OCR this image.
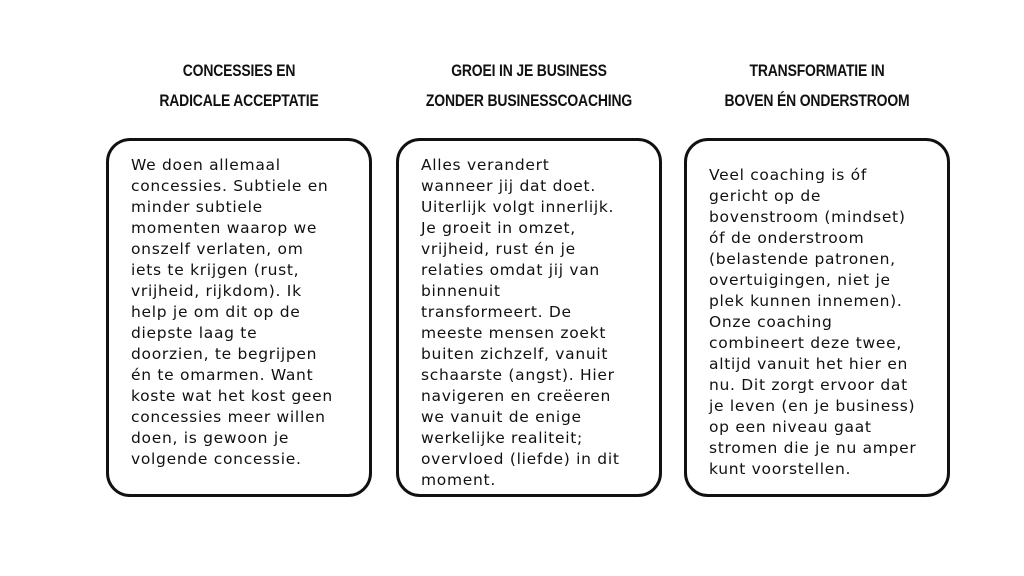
CONCESSIES EN
RADICALE ACCEPTATIE
We doen allemaal
concessies. Subtiele en
minder subtiele
momenten waarop we
onszelf verlaten, om
iets te krijgen (rust,
vrijheid, rijkdom). Ik
help je om dit op de
diepste laag te
doorzien, te begrijpen
én te omarmen. Want
koste wat het kost geen
concessies meer willen
doen, is gewoon je
volgende concessie.
GROEI IN JE BUSINESS
ZONDER BUSINESSCOACHING
Alles verandert
wanneer jij dat doet.
Uiterlijk volgt innerlijk.
Je groeit in omzet,
vrijheid, rust én je
relaties omdat jij van
binnenuit
transformeert. De
meeste mensen zoekt
buiten zichzelf, vanuit
schaarste (angst). Hier
navigeren en creëeren
we vanuit de enige
werkelijke realiteit;
overvloed (liefde) in dit
moment.
TRANSFORMATIE IN
BOVEN ÉN ONDERSTROOM
Veel coaching is óf
gericht op de
bovenstroom (mindset)
óf de onderstroom
(belastende patronen,
overtuigingen, niet je
plek kunnen innemen).
Onze coaching
combineert deze twee,
altijd vanuit het hier en
nu. Dit zorgt ervoor dat
je leven (en je business)
op een niveau gaat
stromen die je nu amper
kunt voorstellen.
